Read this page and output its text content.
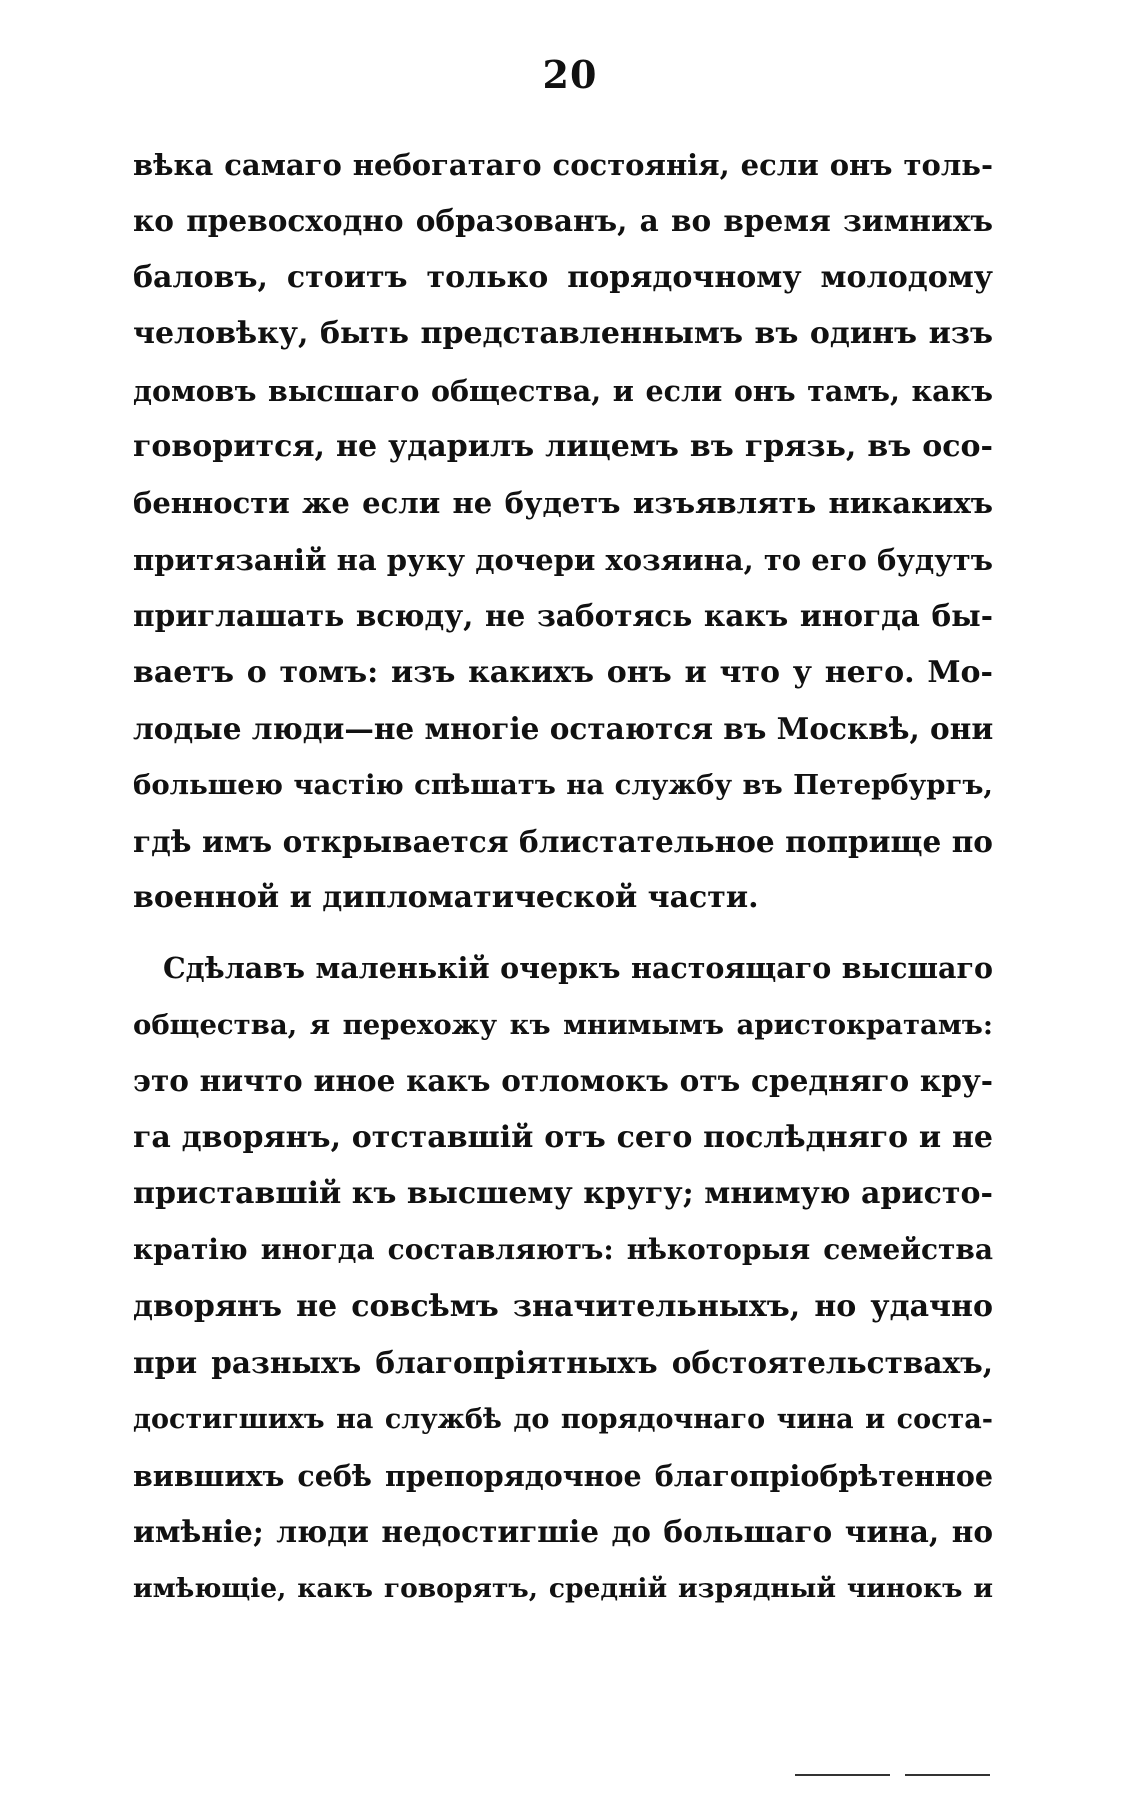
20
вѣка самаго небогатаго состоянія, если онъ толь-
ко превосходно образованъ, а во время зимнихъ
баловъ, стоитъ только порядочному молодому
человѣку, быть представленнымъ въ одинъ изъ
домовъ высшаго общества, и если онъ тамъ, какъ
говорится, не ударилъ лицемъ въ грязь, въ осо-
бенности же если не будетъ изъявлять никакихъ
притязаній на руку дочери хозяина, то его будутъ
приглашать всюду, не заботясь какъ иногда бы-
ваетъ о томъ: изъ какихъ онъ и что у него. Мо-
лодые люди—не многіе остаются въ Москвѣ, они
большею частію спѣшатъ на службу въ Петербургъ,
гдѣ имъ открывается блистательное поприще по
военной и дипломатической части.
Сдѣлавъ маленькій очеркъ настоящаго высшаго
общества, я перехожу къ мнимымъ аристократамъ:
это ничто иное какъ отломокъ отъ средняго кру-
га дворянъ, отставшій отъ сего послѣдняго и не
приставшій къ высшему кругу; мнимую аристо-
кратію иногда составляютъ: нѣкоторыя семейства
дворянъ не совсѣмъ значительныхъ, но удачно
при разныхъ благопріятныхъ обстоятельствахъ,
достигшихъ на службѣ до порядочнаго чина и соста-
вившихъ себѣ препорядочное благопріобрѣтенное
имѣніе; люди недостигшіе до большаго чина, но
имѣющіе, какъ говорятъ, средній изрядный чинокъ и
